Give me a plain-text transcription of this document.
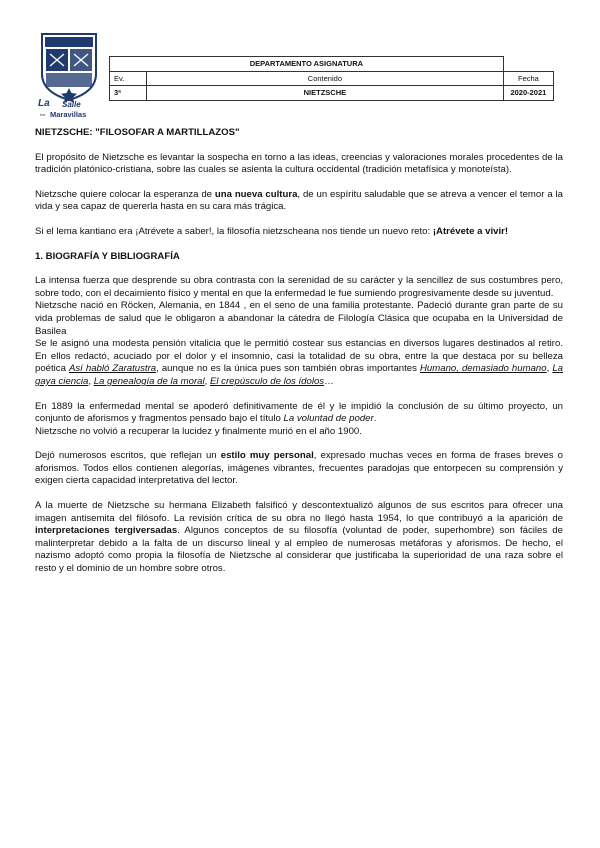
La Salle
Ins Maravillas
DEPARTAMENTO ASIGNATURA		
Ev.	Contenido	Fecha
3ª	NIETZSCHE	2020-2021

NIETZSCHE: "FILOSOFAR A MARTILLAZOS"

El propósito de Nietzsche es levantar la sospecha en torno a las ideas, creencias y valoraciones morales procedentes de la tradición platónico-cristiana, sobre las cuales se asienta la cultura occidental (tradición metafísica y monoteísta).

Nietzsche quiere colocar la esperanza de una nueva cultura, de un espíritu saludable que se atreva a vencer el temor a la vida y sea capaz de quererla hasta en su cara más trágica.

Si el lema kantiano era ¡Atrévete a saber!, la filosofía nietzscheana nos tiende un nuevo reto: ¡Atrévete a vivir!

1. BIOGRAFÍA Y BIBLIOGRAFÍA

La intensa fuerza que desprende su obra contrasta con la serenidad de su carácter y la sencillez de sus costumbres pero, sobre todo, con el decaimiento físico y mental en que la enfermedad le fue sumiendo progresivamente desde su juventud.

Nietzsche nació en Röcken, Alemania, en 1844 , en el seno de una familia protestante. Padeció durante gran parte de su vida problemas de salud que le obligaron a abandonar la cátedra de Filología Clásica que ocupaba en la Universidad de Basilea

Se le asignó una modesta pensión vitalicia que le permitió costear sus estancias en diversos lugares destinados al retiro. En ellos redactó, acuciado por el dolor y el insomnio, casi la totalidad de su obra, entre la que destaca por su belleza poética Así habló Zaratustra, aunque no es la única pues son también obras importantes Humano, demasiado humano, La gaya ciencia, La genealogía de la moral, El crepúsculo de los ídolos…

En 1889 la enfermedad mental se apoderó definitivamente de él y le impidió la conclusión de su último proyecto, un conjunto de aforismos y fragmentos pensado bajo el título La voluntad de poder.

Nietzsche no volvió a recuperar la lucidez y finalmente murió en el año 1900.

Dejó numerosos escritos, que reflejan un estilo muy personal, expresado muchas veces en forma de frases breves o aforismos. Todos ellos contienen alegorías, imágenes vibrantes, frecuentes paradojas que entorpecen su comprensión y exigen cierta capacidad interpretativa del lector.

A la muerte de Nietzsche su hermana Elizabeth falsificó y descontextualizó algunos de sus escritos para ofrecer una imagen antisemita del filósofo. La revisión crítica de su obra no llegó hasta 1954, lo que contribuyó a la aparición de interpretaciones tergiversadas. Algunos conceptos de su filosofía (voluntad de poder, superhombre) son fáciles de malinterpretar debido a la falta de un discurso lineal y al empleo de numerosas metáforas y aforismos. De hecho, el nazismo adoptó como propia la filosofía de Nietzsche al considerar que justificaba la superioridad de una raza sobre el resto y el dominio de un hombre sobre otros.
